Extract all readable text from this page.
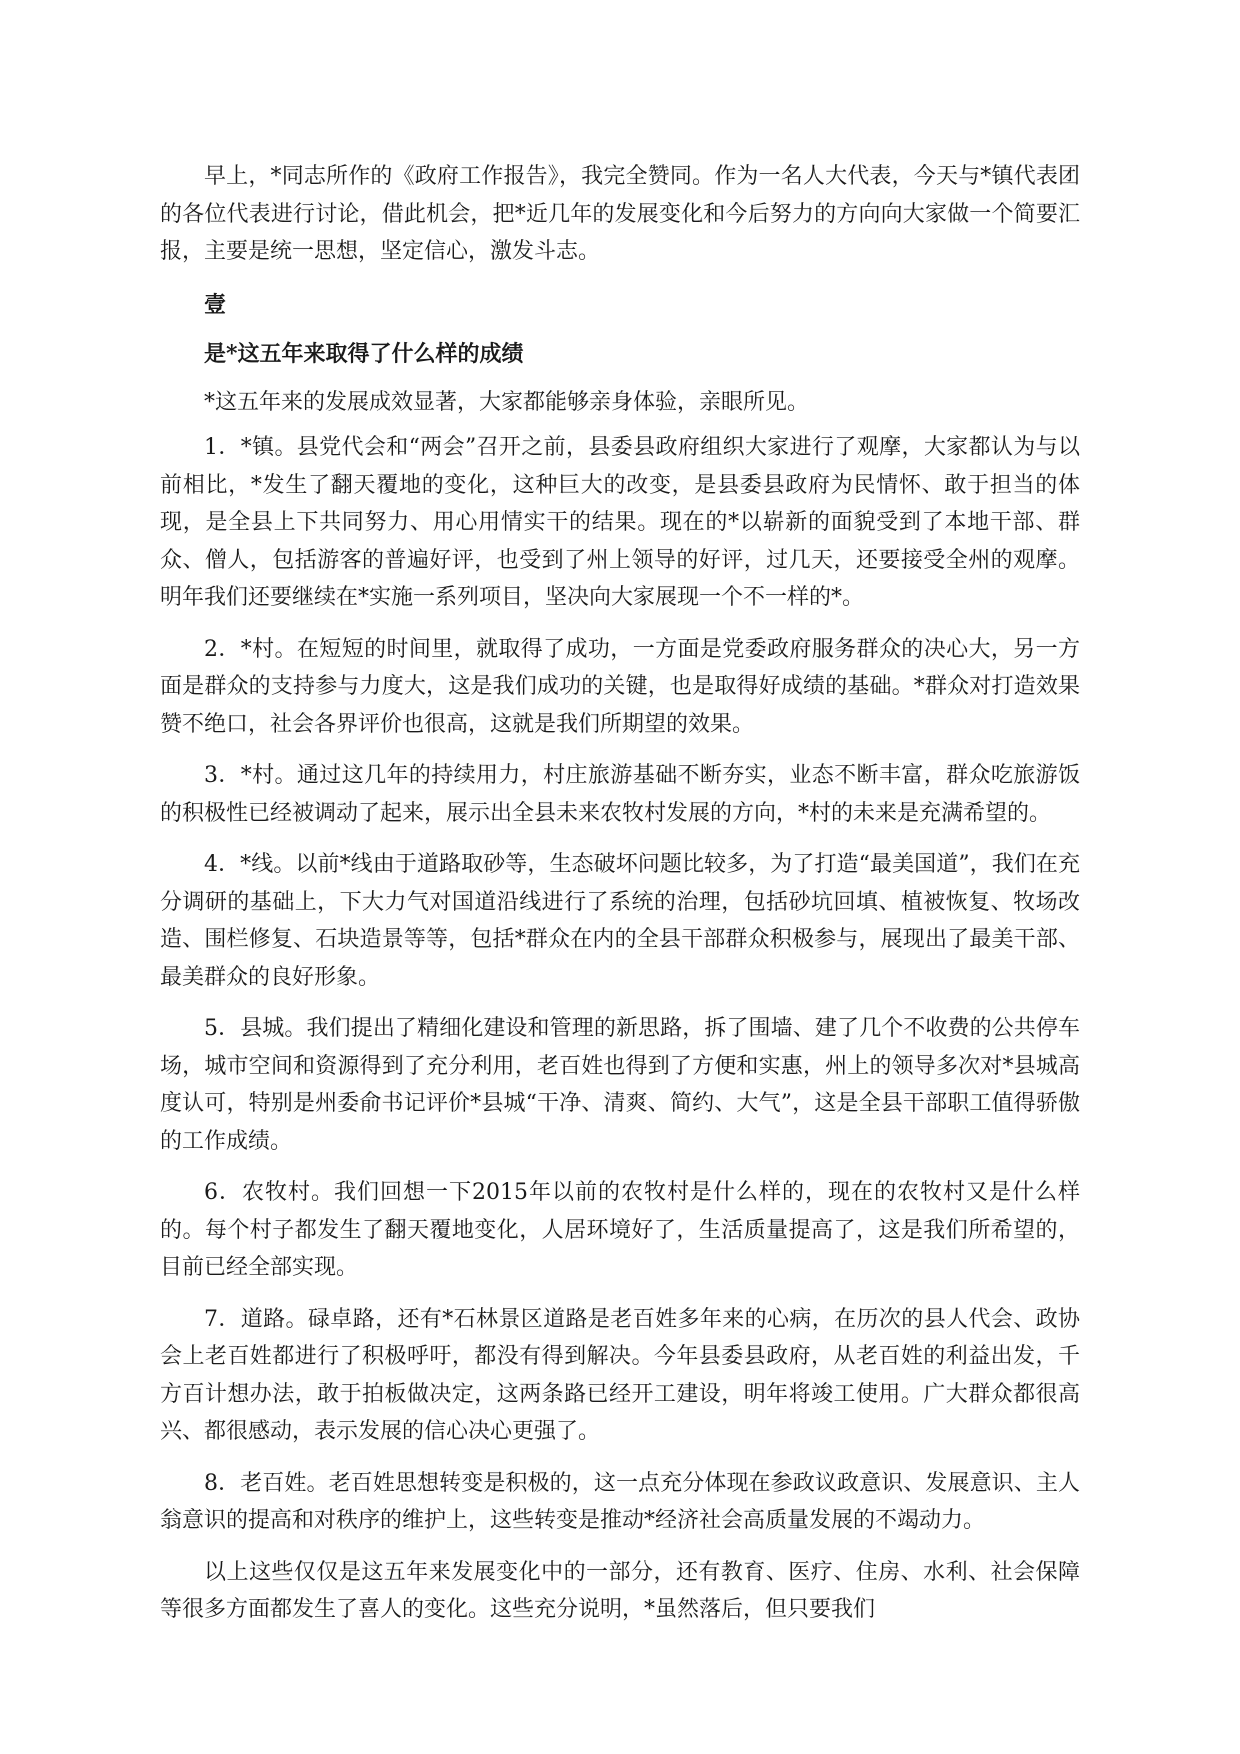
早上，*同志所作的《政府工作报告》，我完全赞同。作为一名人大代表，今天与*镇代表团的各位代表进行讨论，借此机会，把*近几年的发展变化和今后努力的方向向大家做一个简要汇报，主要是统一思想，坚定信心，激发斗志。

壹
是*这五年来取得了什么样的成绩

*这五年来的发展成效显著，大家都能够亲身体验，亲眼所见。

1．*镇。县党代会和“两会”召开之前，县委县政府组织大家进行了观摩，大家都认为与以前相比，*发生了翻天覆地的变化，这种巨大的改变，是县委县政府为民情怀、敢于担当的体现，是全县上下共同努力、用心用情实干的结果。现在的*以崭新的面貌受到了本地干部、群众、僧人，包括游客的普遍好评，也受到了州上领导的好评，过几天，还要接受全州的观摩。明年我们还要继续在*实施一系列项目，坚决向大家展现一个不一样的*。

2．*村。在短短的时间里，就取得了成功，一方面是党委政府服务群众的决心大，另一方面是群众的支持参与力度大，这是我们成功的关键，也是取得好成绩的基础。*群众对打造效果赞不绝口，社会各界评价也很高，这就是我们所期望的效果。

3．*村。通过这几年的持续用力，村庄旅游基础不断夯实，业态不断丰富，群众吃旅游饭的积极性已经被调动了起来，展示出全县未来农牧村发展的方向，*村的未来是充满希望的。

4．*线。以前*线由于道路取砂等，生态破坏问题比较多，为了打造“最美国道”，我们在充分调研的基础上，下大力气对国道沿线进行了系统的治理，包括砂坑回填、植被恢复、牧场改造、围栏修复、石块造景等等，包括*群众在内的全县干部群众积极参与，展现出了最美干部、最美群众的良好形象。

5．县城。我们提出了精细化建设和管理的新思路，拆了围墙、建了几个不收费的公共停车场，城市空间和资源得到了充分利用，老百姓也得到了方便和实惠，州上的领导多次对*县城高度认可，特别是州委俞书记评价*县城“干净、清爽、简约、大气”，这是全县干部职工值得骄傲的工作成绩。

6．农牧村。我们回想一下2015年以前的农牧村是什么样的，现在的农牧村又是什么样的。每个村子都发生了翻天覆地变化，人居环境好了，生活质量提高了，这是我们所希望的，目前已经全部实现。

7．道路。碌卓路，还有*石林景区道路是老百姓多年来的心病，在历次的县人代会、政协会上老百姓都进行了积极呼吁，都没有得到解决。今年县委县政府，从老百姓的利益出发，千方百计想办法，敢于拍板做决定，这两条路已经开工建设，明年将竣工使用。广大群众都很高兴、都很感动，表示发展的信心决心更强了。

8．老百姓。老百姓思想转变是积极的，这一点充分体现在参政议政意识、发展意识、主人翁意识的提高和对秩序的维护上，这些转变是推动*经济社会高质量发展的不竭动力。

以上这些仅仅是这五年来发展变化中的一部分，还有教育、医疗、住房、水利、社会保障等很多方面都发生了喜人的变化。这些充分说明，*虽然落后，但只要我们
